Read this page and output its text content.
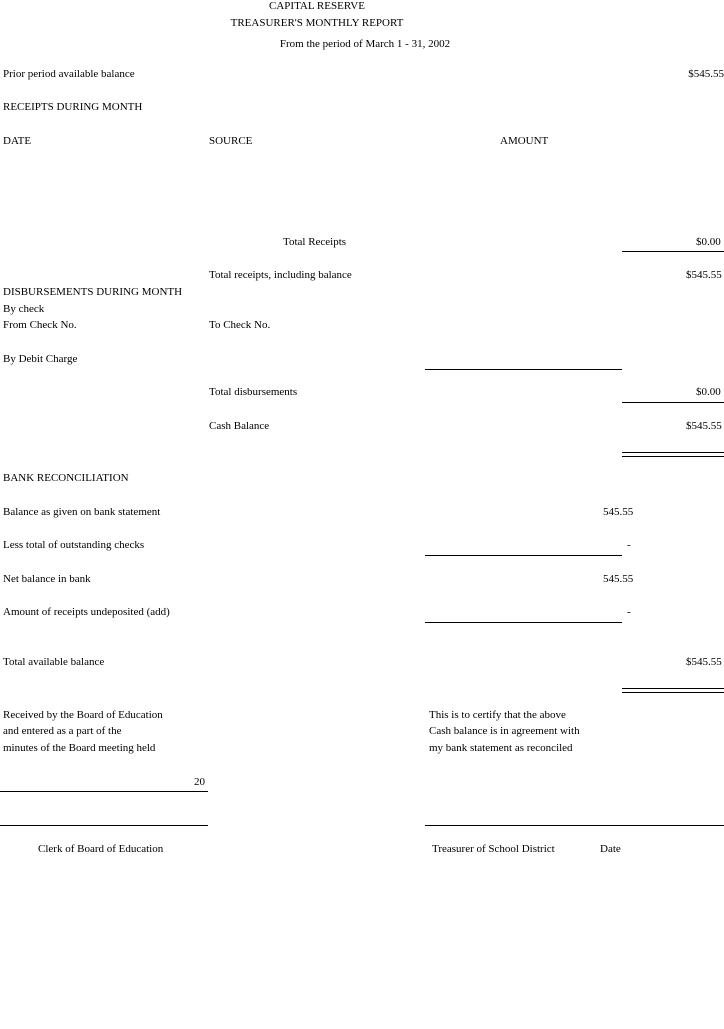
CAPITAL RESERVE
TREASURER'S MONTHLY REPORT
From the period of March 1 - 31, 2002
Prior period available balance	$545.55
RECEIPTS DURING MONTH
DATE	SOURCE	AMOUNT
Total Receipts	$0.00
Total receipts, including balance	$545.55
DISBURSEMENTS DURING MONTH
By check
From Check No.	To Check No.
By Debit Charge
Total disbursements	$0.00
Cash Balance	$545.55
BANK RECONCILIATION
Balance as given on bank statement	545.55
Less total of outstanding checks	-
Net balance in bank	545.55
Amount of receipts undeposited (add)	-
Total available balance	$545.55
Received by the Board of Education
and entered as a part of the
minutes of the Board meeting held
This is to certify that the above
Cash balance is in agreement with
my bank statement as reconciled
20
Clerk of Board of Education	Treasurer of School District	Date
